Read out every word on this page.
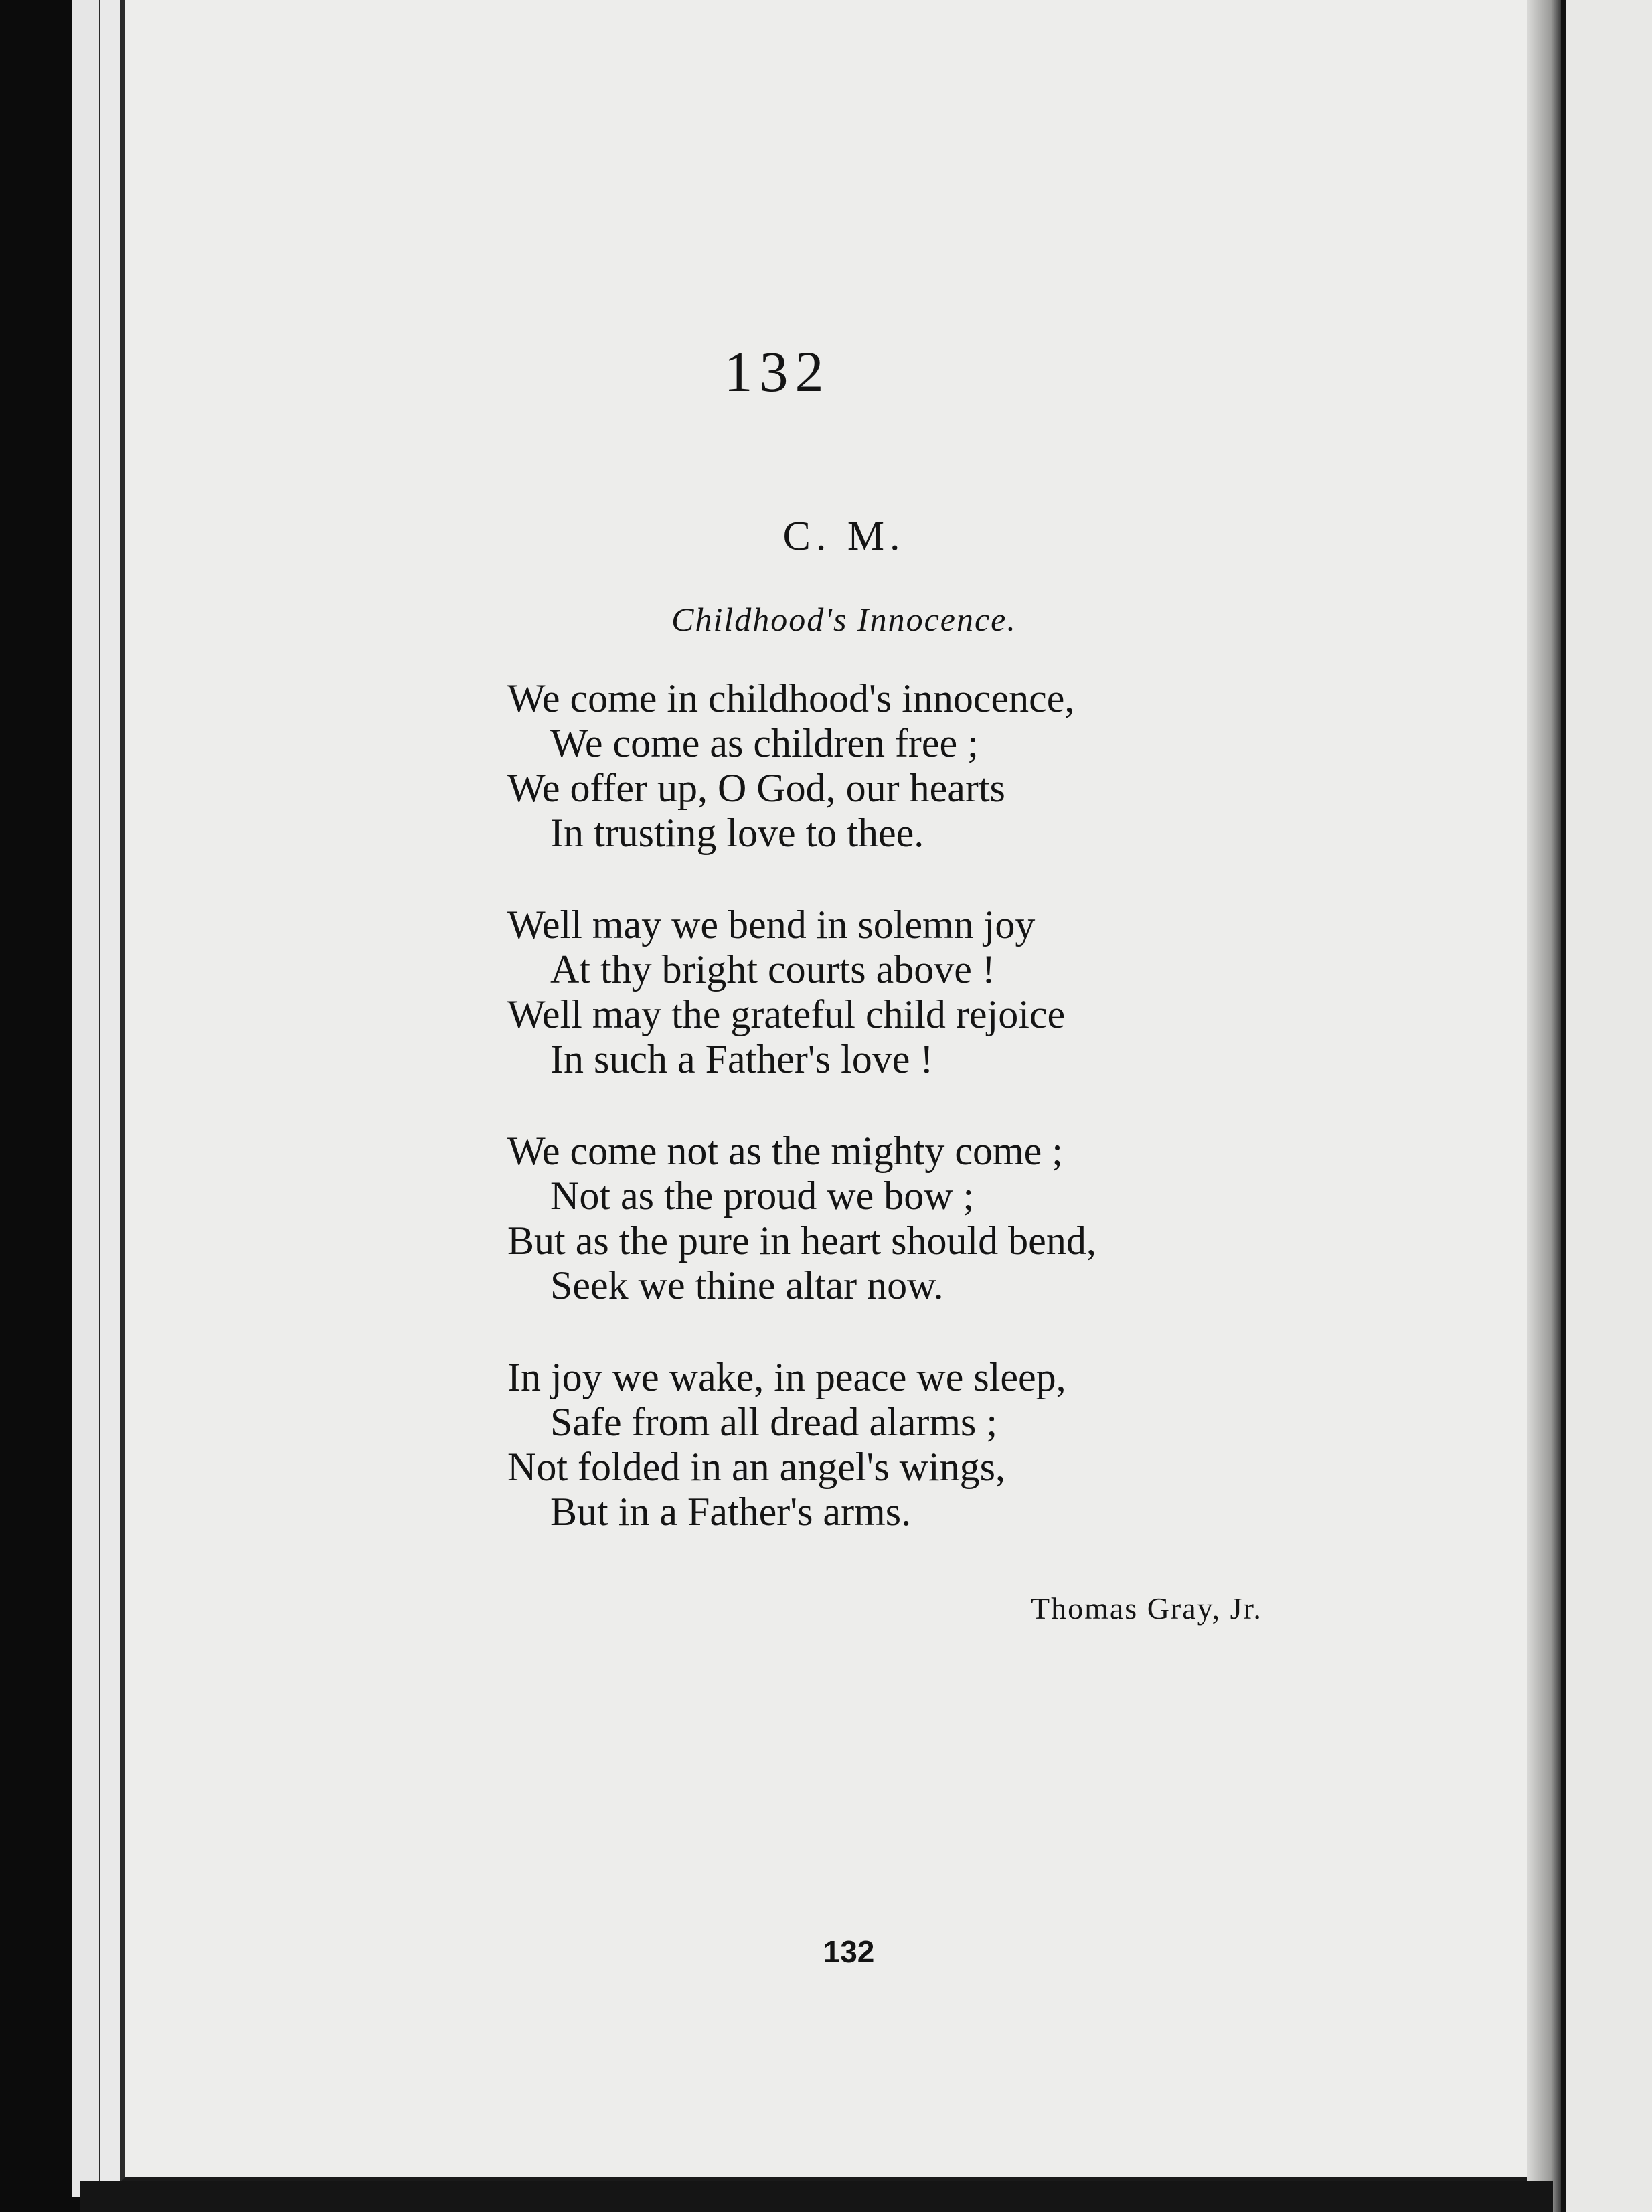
132
C. M.
Childhood's Innocence.
We come in childhood's innocence,
We come as children free ;
We offer up, O God, our hearts
In trusting love to thee.
Well may we bend in solemn joy
At thy bright courts above !
Well may the grateful child rejoice
In such a Father's love !
We come not as the mighty come ;
Not as the proud we bow ;
But as the pure in heart should bend,
Seek we thine altar now.
In joy we wake, in peace we sleep,
Safe from all dread alarms ;
Not folded in an angel's wings,
But in a Father's arms.
Thomas Gray, Jr.
132
